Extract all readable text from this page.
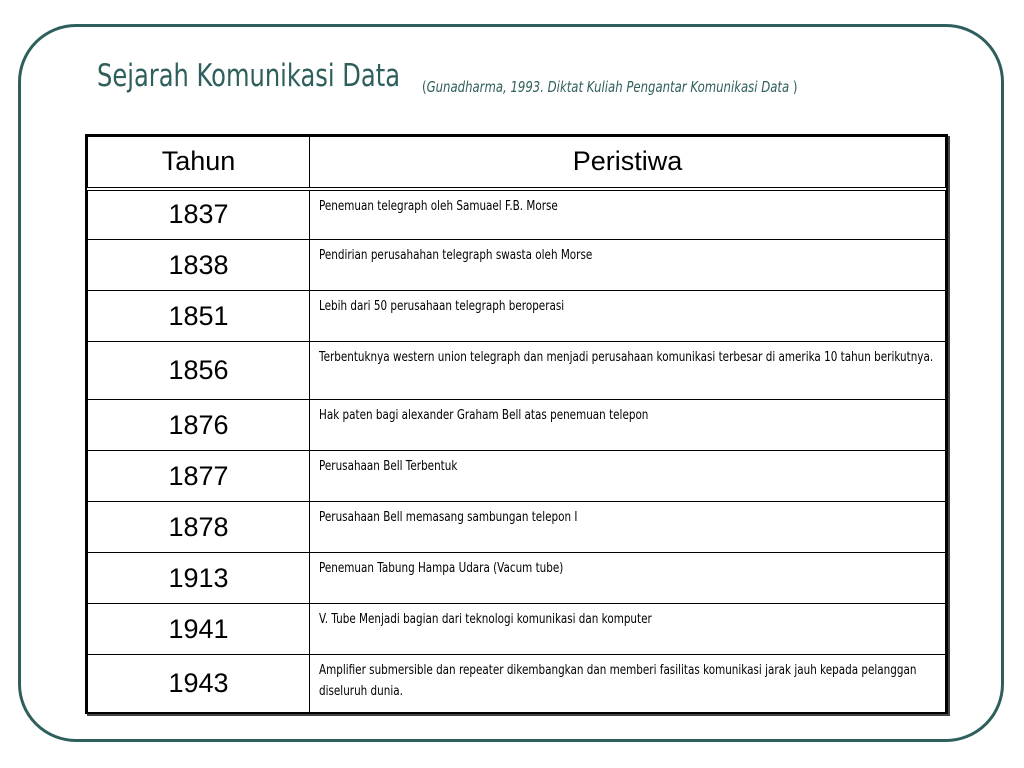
Sejarah Komunikasi Data (Gunadharma, 1993. Diktat Kuliah Pengantar Komunikasi Data )
Tahun	Peristiwa
1837	Penemuan telegraph oleh Samuael F.B. Morse

1838	Pendirian perusahahan telegraph swasta oleh Morse

1851	Lebih dari 50 perusahaan telegraph beroperasi

1856	Terbentuknya western union telegraph dan menjadi perusahaan komunikasi terbesar di amerika 10 tahun berikutnya.

1876	Hak paten bagi alexander Graham Bell atas penemuan telepon

1877	Perusahaan Bell Terbentuk

1878	Perusahaan Bell memasang sambungan telepon I

1913	Penemuan Tabung Hampa Udara (Vacum tube)

1941	V. Tube Menjadi bagian dari teknologi komunikasi dan komputer

1943	Amplifier submersible dan repeater dikembangkan dan memberi fasilitas komunikasi jarak jauh kepada pelanggan diseluruh dunia.
